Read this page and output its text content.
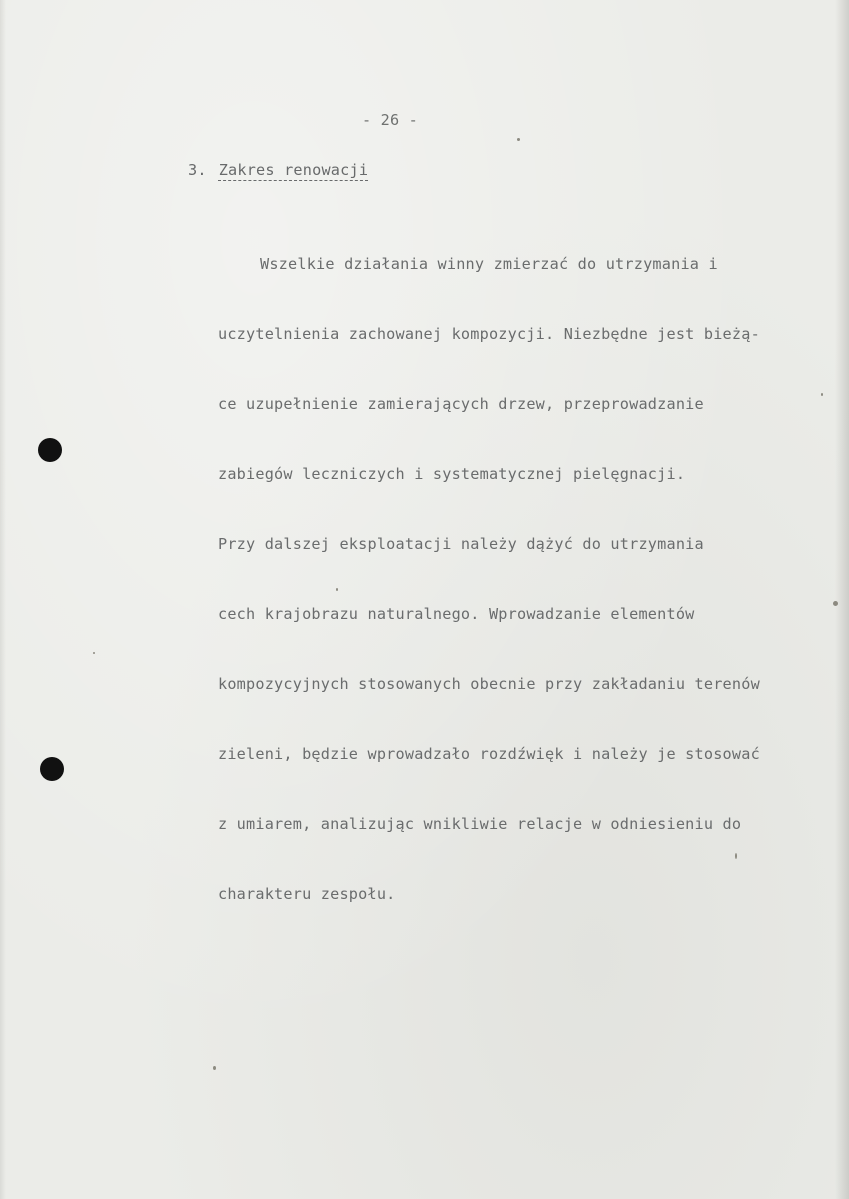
- 26 -
3. Zakres renowacji

Wszelkie działania winny zmierzać do utrzymania i

uczytelnienia zachowanej kompozycji. Niezbędne jest bieżą-

ce uzupełnienie zamierających drzew, przeprowadzanie

zabiegów leczniczych i systematycznej pielęgnacji.

Przy dalszej eksploatacji należy dążyć do utrzymania

cech krajobrazu naturalnego. Wprowadzanie elementów

kompozycyjnych stosowanych obecnie przy zakładaniu terenów

zieleni, będzie wprowadzało rozdźwięk i należy je stosować

z umiarem, analizując wnikliwie relacje w odniesieniu do

charakteru zespołu.
